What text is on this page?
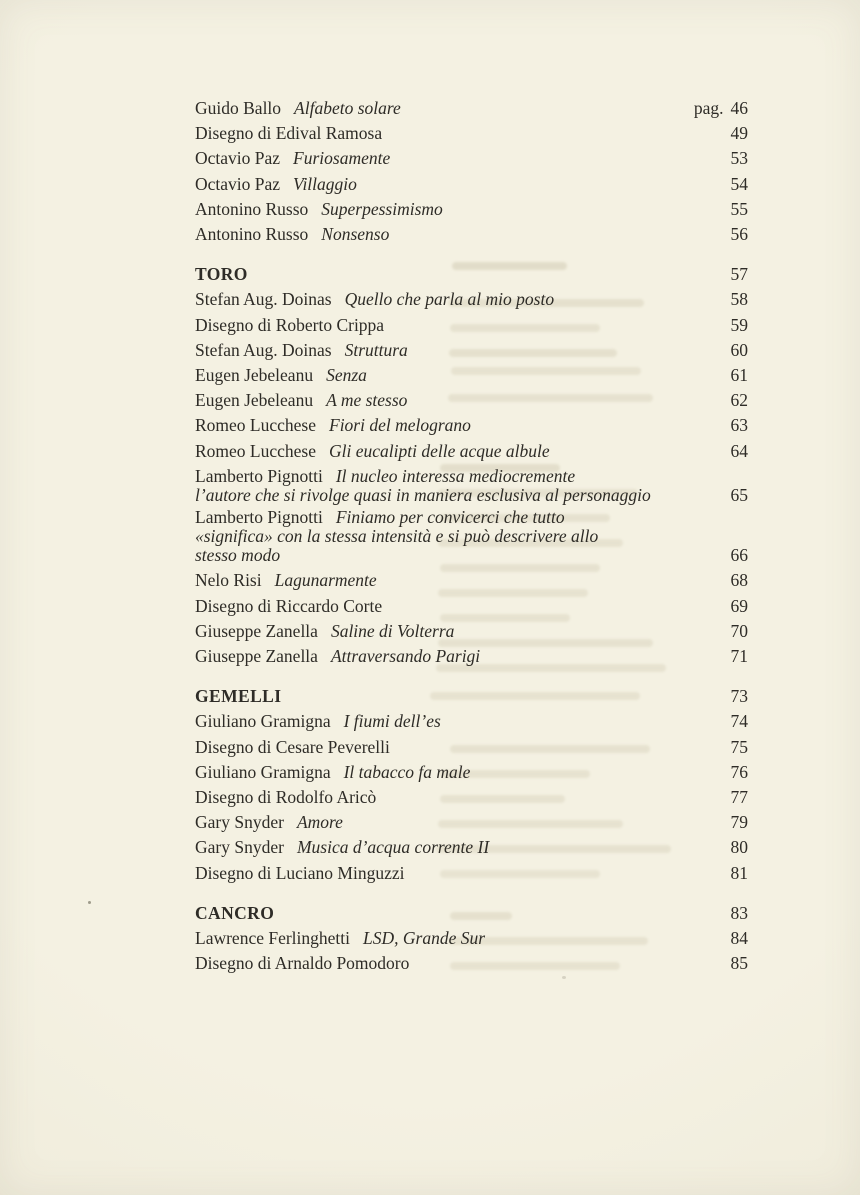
Guido Ballo Alfabeto solare	pag. 46
Disegno di Edival Ramosa	49
Octavio Paz Furiosamente	53
Octavio Paz Villaggio	54
Antonino Russo Superpessimismo	55
Antonino Russo Nonsenso	56
TORO	57
Stefan Aug. Doinas Quello che parla al mio posto	58
Disegno di Roberto Crippa	59
Stefan Aug. Doinas Struttura	60
Eugen Jebeleanu Senza	61
Eugen Jebeleanu A me stesso	62
Romeo Lucchese Fiori del melograno	63
Romeo Lucchese Gli eucalipti delle acque albule	64
Lamberto Pignotti Il nucleo interessa mediocremente
l’autore che si rivolge quasi in maniera esclusiva al personaggio	65
Lamberto Pignotti Finiamo per convicerci che tutto
«significa» con la stessa intensità e si può descrivere allo
stesso modo	66
Nelo Risi Lagunarmente	68
Disegno di Riccardo Corte	69
Giuseppe Zanella Saline di Volterra	70
Giuseppe Zanella Attraversando Parigi	71
GEMELLI	73
Giuliano Gramigna I fiumi dell’es	74
Disegno di Cesare Peverelli	75
Giuliano Gramigna Il tabacco fa male	76
Disegno di Rodolfo Aricò	77
Gary Snyder Amore	79
Gary Snyder Musica d’acqua corrente II	80
Disegno di Luciano Minguzzi	81
CANCRO	83
Lawrence Ferlinghetti LSD, Grande Sur	84
Disegno di Arnaldo Pomodoro	85
